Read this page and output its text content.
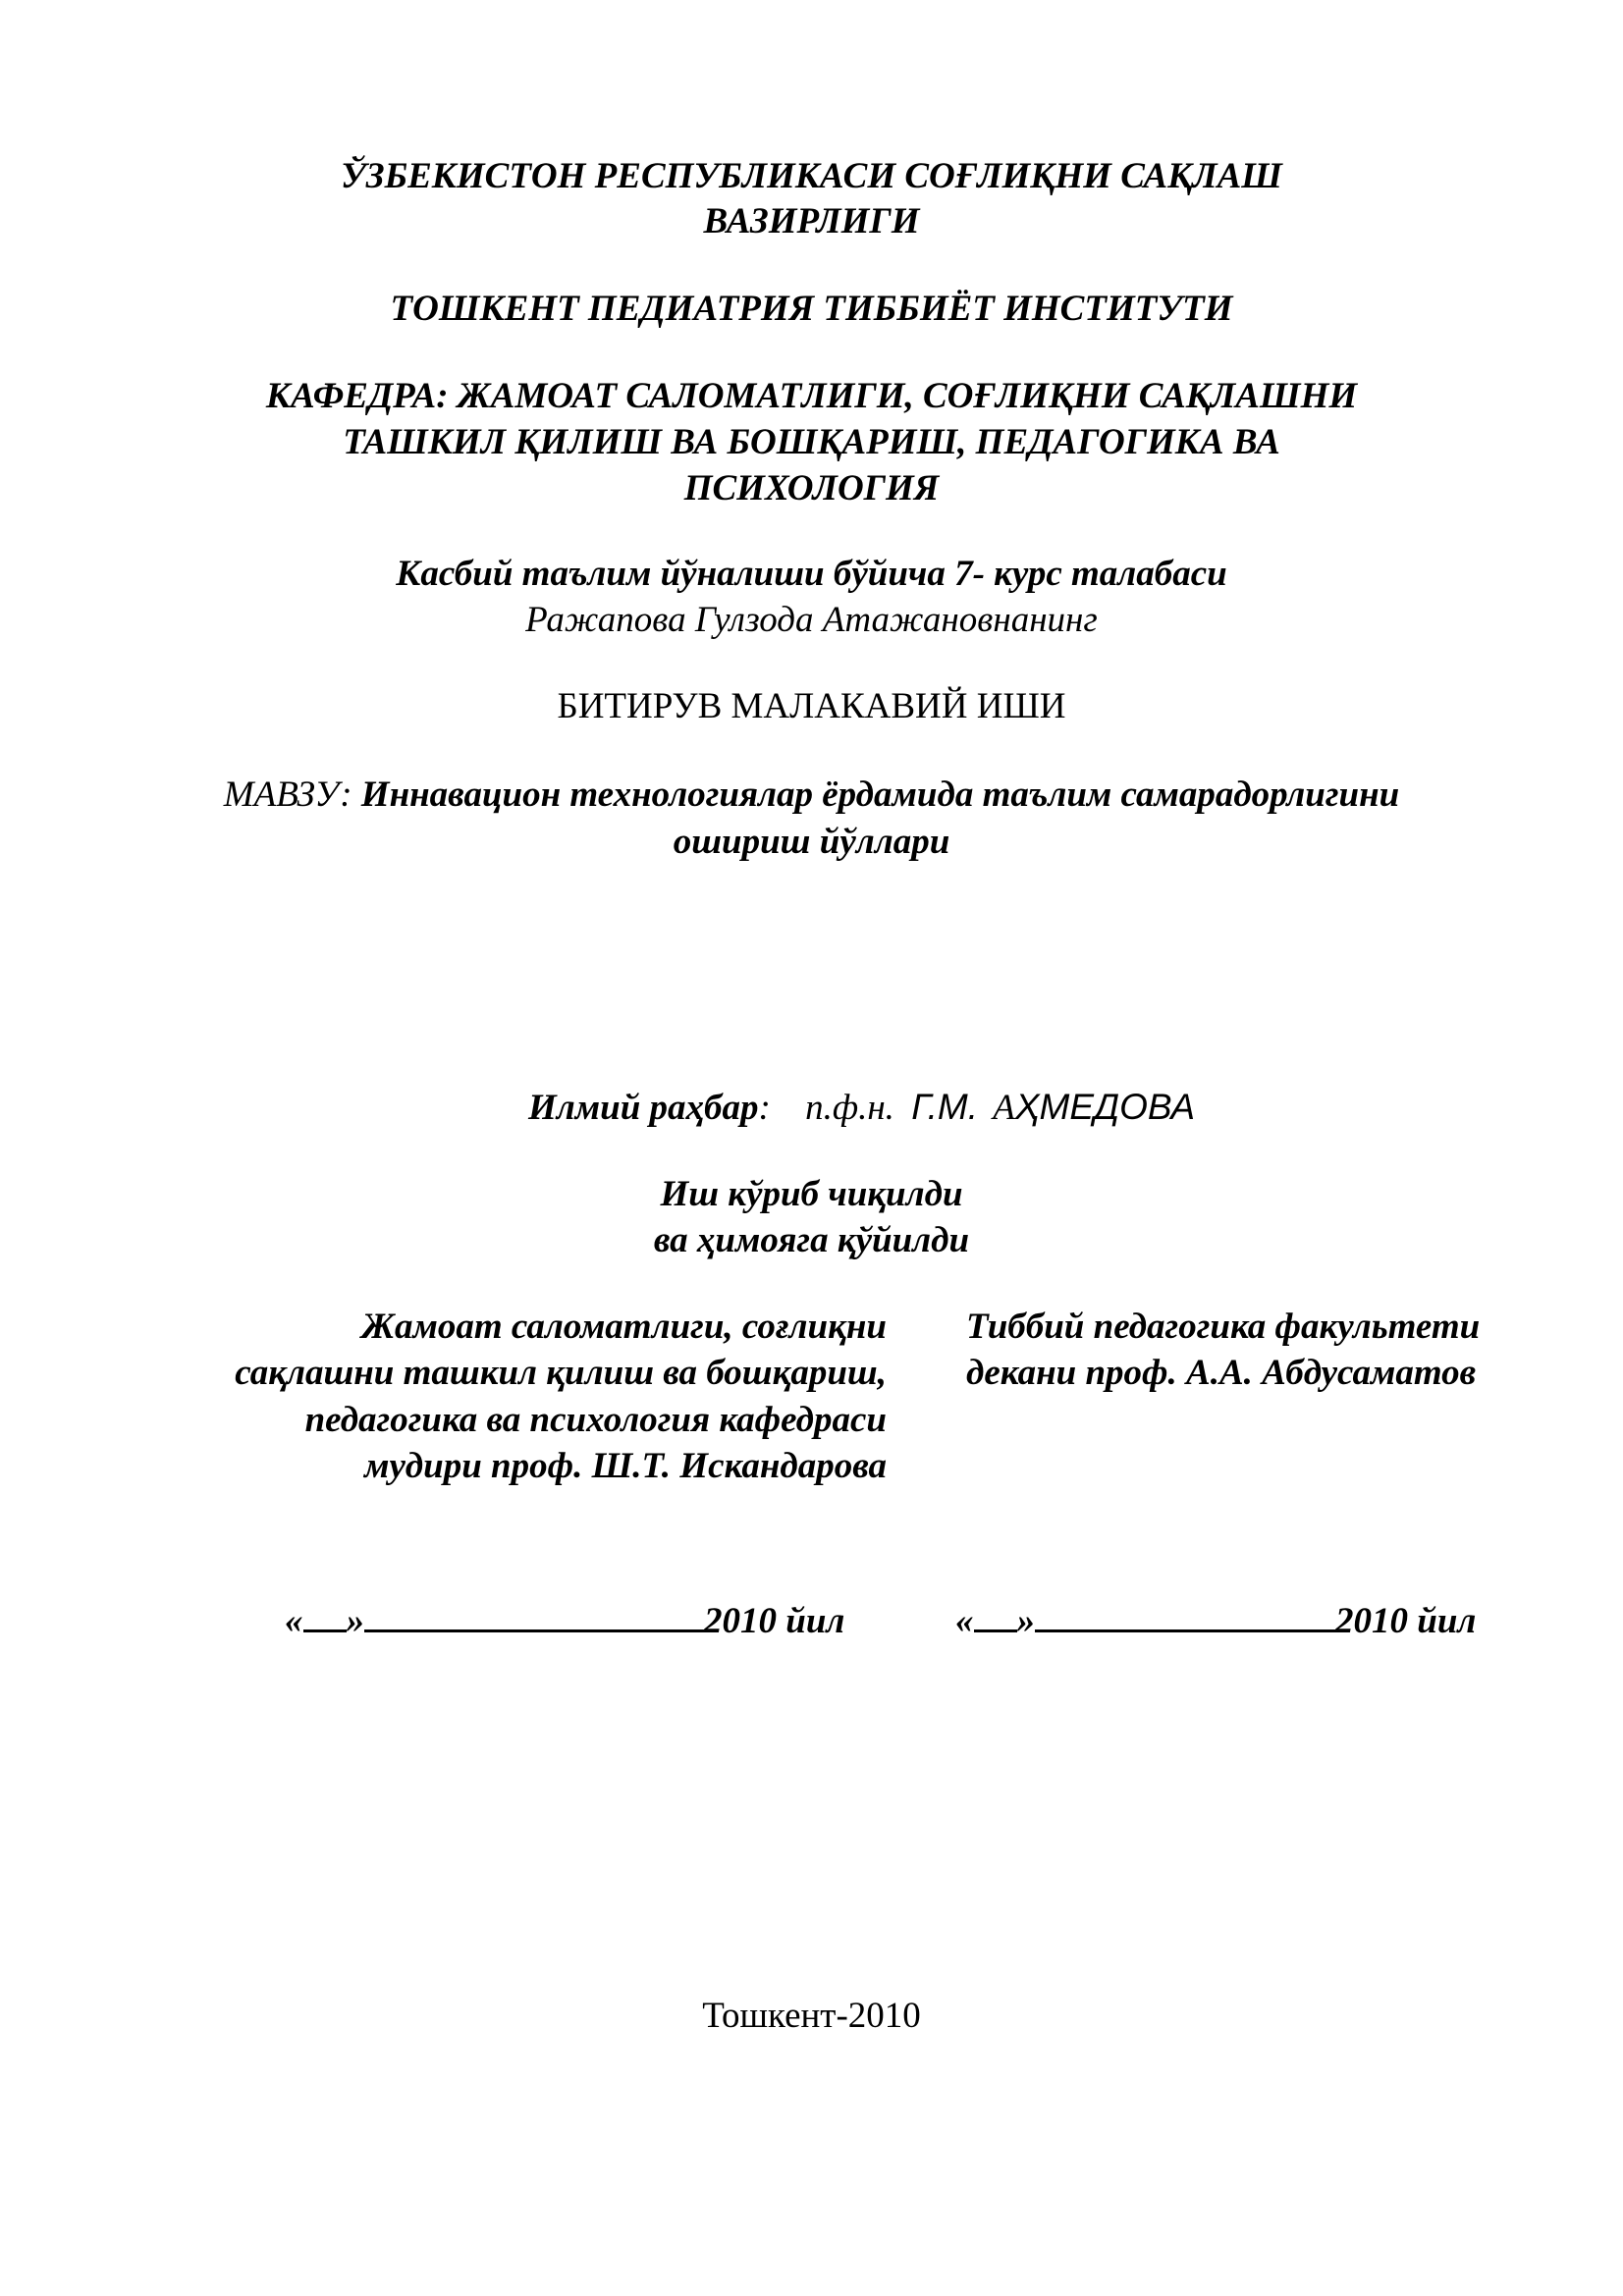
ЎЗБЕКИСТОН РЕСПУБЛИКАСИ СОҒЛИҚНИ САҚЛАШ
ВАЗИРЛИГИ
ТОШКЕНТ ПЕДИАТРИЯ ТИББИЁТ ИНСТИТУТИ
КАФЕДРА: ЖАМОАТ САЛОМАТЛИГИ, СОҒЛИҚНИ САҚЛАШНИ
ТАШКИЛ ҚИЛИШ ВА БОШҚАРИШ, ПЕДАГОГИКА ВА
ПСИХОЛОГИЯ
Касбий таълим йўналиши бўйича 7- курс талабаси
Ражапова Гулзода Атажановнанинг
БИТИРУВ МАЛАКАВИЙ ИШИ
МАВЗУ: Иннавацион технологиялар ёрдамида таълим самарадорлигини
ошириш йўллари
Илмий раҳбар: п.ф.н. Г.М. АҲМЕДОВА
Иш кўриб чиқилди
ва ҳимояга қўйилди
Жамоат саломатлиги, соғлиқни
сақлашни ташкил қилиш ва бошқариш,
педагогика ва психология кафедраси
мудири проф. Ш.Т. Искандарова
Тиббий педагогика факультети
декани проф. А.А. Абдусаматов
« »	2010 йил	« »	2010 йил
Тошкент-2010
